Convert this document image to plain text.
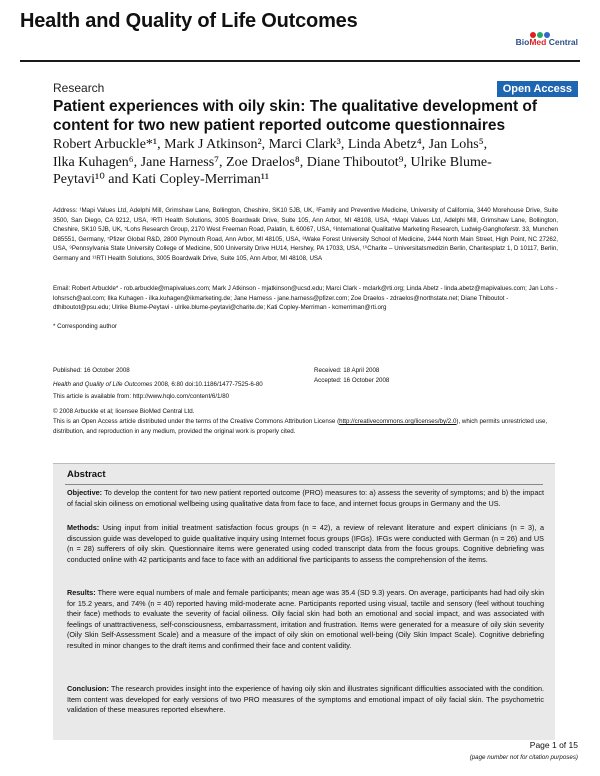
Health and Quality of Life Outcomes
BioMed Central
Research	Open Access
Patient experiences with oily skin: The qualitative development of content for two new patient reported outcome questionnaires
Robert Arbuckle*¹, Mark J Atkinson², Marci Clark³, Linda Abetz⁴, Jan Lohs⁵,
Ilka Kuhagen⁶, Jane Harness⁷, Zoe Draelos⁸, Diane Thiboutot⁹, Ulrike Blume-
Peytavi¹⁰ and Kati Copley-Merriman¹¹
Address: ¹Mapi Values Ltd, Adelphi Mill, Grimshaw Lane, Bollington, Cheshire, SK10 5JB, UK, ²Family and Preventive Medicine, University of California, 3440 Morehouse Drive, Suite 3500, San Diego, CA 9212, USA, ³RTI Health Solutions, 3005 Boardwalk Drive, Suite 105, Ann Arbor, MI 48108, USA, ⁴Mapi Values Ltd, Adelphi Mill, Grimshaw Lane, Bollington, Cheshire, SK10 5JB, UK, ⁵Lohs Research Group, 2170 West Freeman Road, Palatin, IL 60067, USA, ⁶International Qualitative Marketing Research, Ludwig-Ganghoferstr. 33, Munchen D85551, Germany, ⁷Pfizer Global R&D, 2800 Plymouth Road, Ann Arbor, MI 48105, USA, ⁸Wake Forest University School of Medicine, 2444 North Main Street, High Point, NC 27262, USA, ⁹Pennsylvania State University College of Medicine, 500 University Drive HU14, Hershey, PA 17033, USA, ¹⁰Charite – Universitatsmedizin Berlin, Charitesplatz 1, D 10117, Berlin, Germany and ¹¹RTI Health Solutions, 3005 Boardwalk Drive, Suite 105, Ann Arbor, MI 48108, USA
Email: Robert Arbuckle* - rob.arbuckle@mapivalues.com; Mark J Atkinson - mjatkinson@ucsd.edu; Marci Clark - mclark@rti.org; Linda Abetz - linda.abetz@mapivalues.com; Jan Lohs - lohsrsch@aol.com; Ilka Kuhagen - ilka.kuhagen@ikmarketing.de; Jane Harness - jane.harness@pfizer.com; Zoe Draelos - zdraelos@northstate.net; Diane Thiboutot - dthiboutot@psu.edu; Ulrike Blume-Peytavi - ulrike.blume-peytavi@charite.de; Kati Copley-Merriman - kcmerriman@rti.org
* Corresponding author
Published: 16 October 2008	Received: 18 April 2008
Accepted: 16 October 2008
Health and Quality of Life Outcomes 2008, 6:80 doi:10.1186/1477-7525-6-80
This article is available from: http://www.hqlo.com/content/6/1/80
© 2008 Arbuckle et al; licensee BioMed Central Ltd.
This is an Open Access article distributed under the terms of the Creative Commons Attribution License (http://creativecommons.org/licenses/by/2.0), which permits unrestricted use, distribution, and reproduction in any medium, provided the original work is properly cited.
Abstract
Objective: To develop the content for two new patient reported outcome (PRO) measures to: a) assess the severity of symptoms; and b) the impact of facial skin oiliness on emotional wellbeing using qualitative data from face to face, and internet focus groups in Germany and the US.
Methods: Using input from initial treatment satisfaction focus groups (n = 42), a review of relevant literature and expert clinicians (n = 3), a discussion guide was developed to guide qualitative inquiry using Internet focus groups (IFGs). IFGs were conducted with German (n = 26) and US (n = 28) sufferers of oily skin. Questionnaire items were generated using coded transcript data from the focus groups. Cognitive debriefing was conducted online with 42 participants and face to face with an additional five participants to assess the comprehension of the items.
Results: There were equal numbers of male and female participants; mean age was 35.4 (SD 9.3) years. On average, participants had had oily skin for 15.2 years, and 74% (n = 40) reported having mild-moderate acne. Participants reported using visual, tactile and sensory (feel without touching their face) methods to evaluate the severity of facial oiliness. Oily facial skin had both an emotional and social impact, and was associated with feelings of unattractiveness, self-consciousness, embarrassment, irritation and frustration. Items were generated for a measure of oily skin severity (Oily Skin Self-Assessment Scale) and a measure of the impact of oily skin on emotional well-being (Oily Skin Impact Scale). Cognitive debriefing resulted in minor changes to the draft items and confirmed their face and content validity.
Conclusion: The research provides insight into the experience of having oily skin and illustrates significant difficulties associated with the condition. Item content was developed for early versions of two PRO measures of the symptoms and emotional impact of oily facial skin. The psychometric validation of these measures reported elsewhere.
Page 1 of 15
(page number not for citation purposes)
